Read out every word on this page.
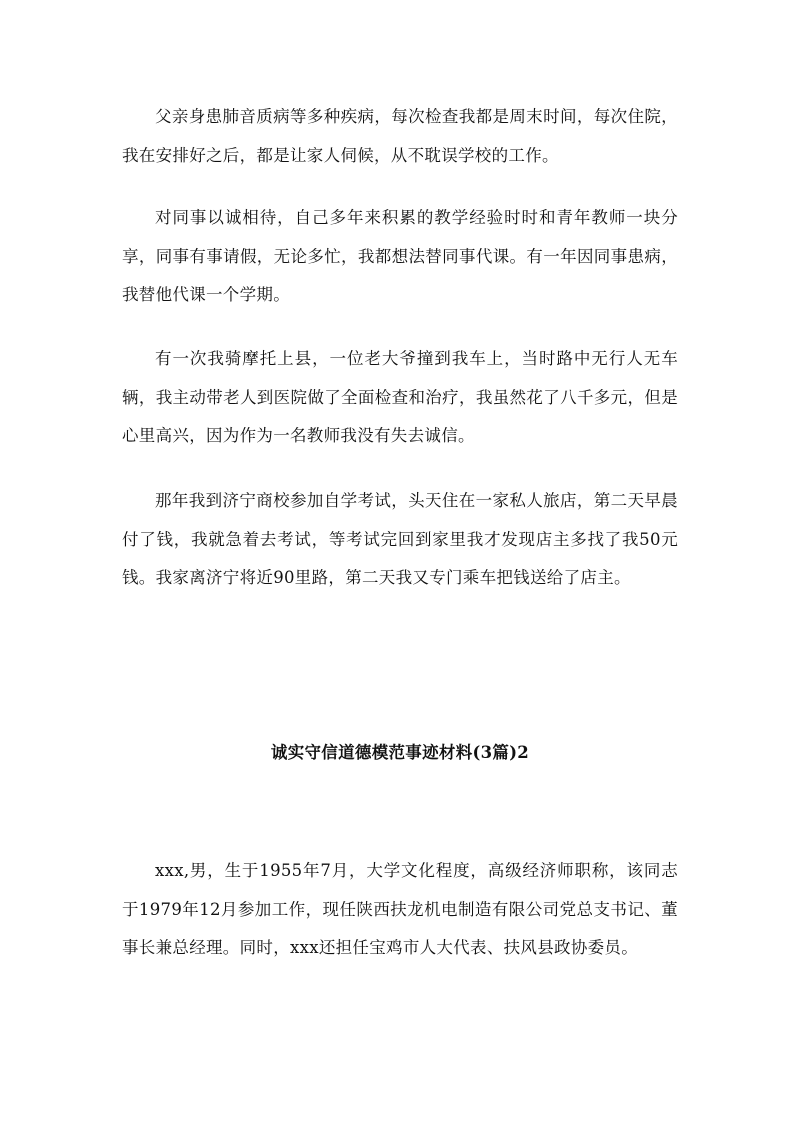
父亲身患肺音质病等多种疾病，每次检查我都是周末时间，每次住院，我在安排好之后，都是让家人伺候，从不耽误学校的工作。

对同事以诚相待，自己多年来积累的教学经验时时和青年教师一块分享，同事有事请假，无论多忙，我都想法替同事代课。有一年因同事患病，我替他代课一个学期。

有一次我骑摩托上县，一位老大爷撞到我车上，当时路中无行人无车辆，我主动带老人到医院做了全面检查和治疗，我虽然花了八千多元，但是心里高兴，因为作为一名教师我没有失去诚信。

那年我到济宁商校参加自学考试，头天住在一家私人旅店，第二天早晨付了钱，我就急着去考试，等考试完回到家里我才发现店主多找了我50元钱。我家离济宁将近90里路，第二天我又专门乘车把钱送给了店主。

诚实守信道德模范事迹材料(3篇)2

xxx,男，生于1955年7月，大学文化程度，高级经济师职称，该同志于1979年12月参加工作，现任陕西扶龙机电制造有限公司党总支书记、董事长兼总经理。同时，xxx还担任宝鸡市人大代表、扶风县政协委员。
